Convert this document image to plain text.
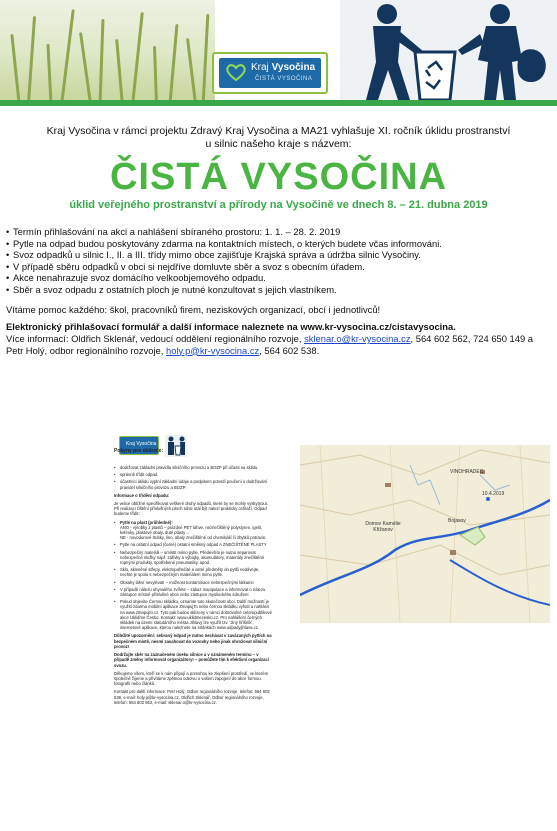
Kraj Vysočina
ČISTÁ VYSOČINA
Kraj Vysočina v rámci projektu Zdravý Kraj Vysočina a MA21 vyhlašuje XI. ročník úklidu prostranství
u silnic našeho kraje s názvem:
ČISTÁ VYSOČINA
úklid veřejného prostranství a přírody na Vysočině ve dnech 8. – 21. dubna 2019
• Termín přihlašování na akci a nahlášení sbíraného prostoru: 1. 1. – 28. 2. 2019
• Pytle na odpad budou poskytovány zdarma na kontaktních místech, o kterých budete včas informováni.
• Svoz odpadků u silnic I., II. a III. třídy mimo obce zajišťuje Krajská správa a údržba silnic Vysočiny.
• V případě sběru odpadků v obci si nejdříve domluvte sběr a svoz s obecním úřadem.
• Akce nenahrazuje svoz domácího velkoobjemového odpadu.
• Sběr a svoz odpadu z ostatních ploch je nutné konzultovat s jejich vlastníkem.
Vítáme pomoc každého: škol, pracovníků firem, neziskových organizací, obcí i jednotlivců!
Elektronický přihlašovací formulář a další informace naleznete na www.kr-vysocina.cz/cistavysocina.
Více informací: Oldřich Sklenář, vedoucí oddělení regionálního rozvoje, sklenar.o@kr-vysocina.cz, 564 602 562, 724 650 149 a Petr Holý, odbor regionálního rozvoje, holy.p@kr-vysocina.cz, 564 602 538.
Kraj Vysočina
Pokyny pro sběrače:
• dodržovat základní pravidla silničního provozu a BOZP při účasti na sklidu.
• správně třídit odpad.
• účastníci úklidu vyplní základní údaje a podpisem potvrdí poučení o dodržování pravidel silničního provozu a BOZP.

Informace o třídění odpadu:

Je velice obtížné specifikovat veškeré druhy odpadů, které by se mohly vyskytnout. Při realizaci čištění příslušných ploch silnic stál být nalezí prakticky ochlaží. Odpad budeme třídit:

• Pytle na plast (průhledné):
ANO - výrobky z plastů – prázdné PET láhve, neznečištěný polystyren, igelit, kelímky, plastové obaly, duté plasty…
NE - novodurové trubky, lino, obaly znečištěné od chemikálií či zbytků potravin.
• Pytle na ostatní odpad (černé) ostatní směsný odpad A ZNEČIŠTĚNÉ PLASTY
• Nebezpečný materiál – umístit mimo pytle. Především je nutno separovat nebezpečné složky např. zářivky a výbojky, akumulátory, materiály znečištěné ropnými produkty, spotřebené pneumatiky, apod.
• Sklo, skleněné střepy, elektropořtečité a ostré předměty do pytlů nedávejte, nechte je spolu s nebezpečným materiálem mimo pytle.
• Obsahy láhví nevylévat! – možnost kontaminace nebezpečnými látkami!
• V případě nálezu uhynulého zvířete – zákaz manipulace a informovat o nálezu zástupce místně příslušné obce nebo zástupce myslivckého sdružení.
• Pokud objevíte Černou skládku, oznamte tuto skutečnost obci. Další možností je využití zdarma mobilní aplikace ZmapujTo nebo černou skládku vyfotit a nahlásit na www.zmapujto.cz. Tyto pak budou sklizeny v rámci dobrovolné celorepublikové akce Ukliďme Česko. Kontakt: www.uklidmecesko.cz. Pro nahlášení černých skládek na území statutárního města Jihlavy lze využít tzv. 'Jiný hříšník', internetové aplikace, kterou naleznete na stránkách www.odpadyjihlava.cz.

Důležité upozornění: sebraný odpad je nutno nechávat v zavázaných pytlích na bezpečném místě, nesmí zasahovat do vozovky nebo jinak ohrožovat silniční provoz!

Dodržujte sběr na zaznačeném úseku silnice a v oznámeném termínu – v případě změny informovat organizátory! – pomůžete tím k efektivní organizaci svozu.

Děkujeme všem, kteří se k nám připojí a pomohou ke zlepšení prostředí, ve kterém společně žijeme a přivítáme zpětnou odezvu o vašem zapojení do akce formou fotografií nebo článků.

Kontakt pro další informace: Petr Holý, Odbor regionálního rozvoje, telefon: 564 602 538, e-mail: holy.p@kr-vysocina.cz, Oldřich Sklenář, Odbor regionálního rozvoje, telefon: 564 602 562, e-mail: sklenar.o@kr-vysocina.cz.

VINOHRADEC
Domov Kamélie Křižanov
10.4.2019
Bojasov
